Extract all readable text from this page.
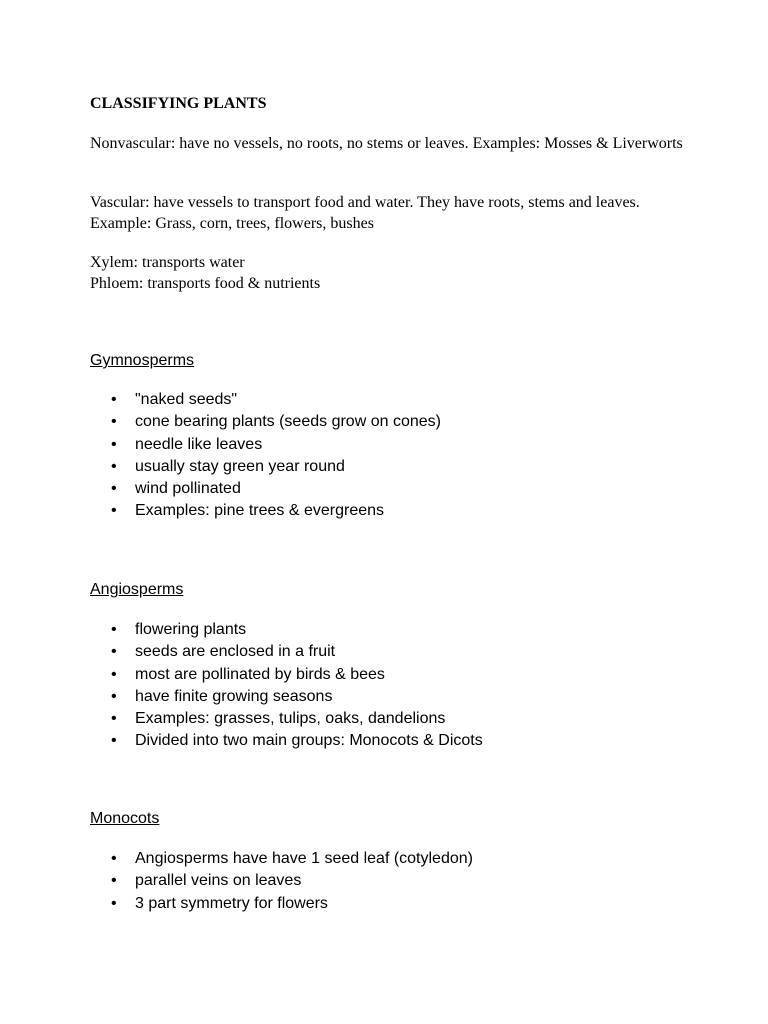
CLASSIFYING PLANTS

Nonvascular: have no vessels, no roots, no stems or leaves. Examples: Mosses & Liverworts

Vascular: have vessels to transport food and water. They have roots, stems and leaves. Example: Grass, corn, trees, flowers, bushes

Xylem: transports water

Phloem: transports food & nutrients

Gymnosperms

• "naked seeds"
• cone bearing plants (seeds grow on cones)
• needle like leaves
• usually stay green year round
• wind pollinated
• Examples: pine trees & evergreens

Angiosperms

• flowering plants
• seeds are enclosed in a fruit
• most are pollinated by birds & bees
• have finite growing seasons
• Examples: grasses, tulips, oaks, dandelions
• Divided into two main groups: Monocots & Dicots

Monocots

• Angiosperms have have 1 seed leaf (cotyledon)
• parallel veins on leaves
• 3 part symmetry for flowers
